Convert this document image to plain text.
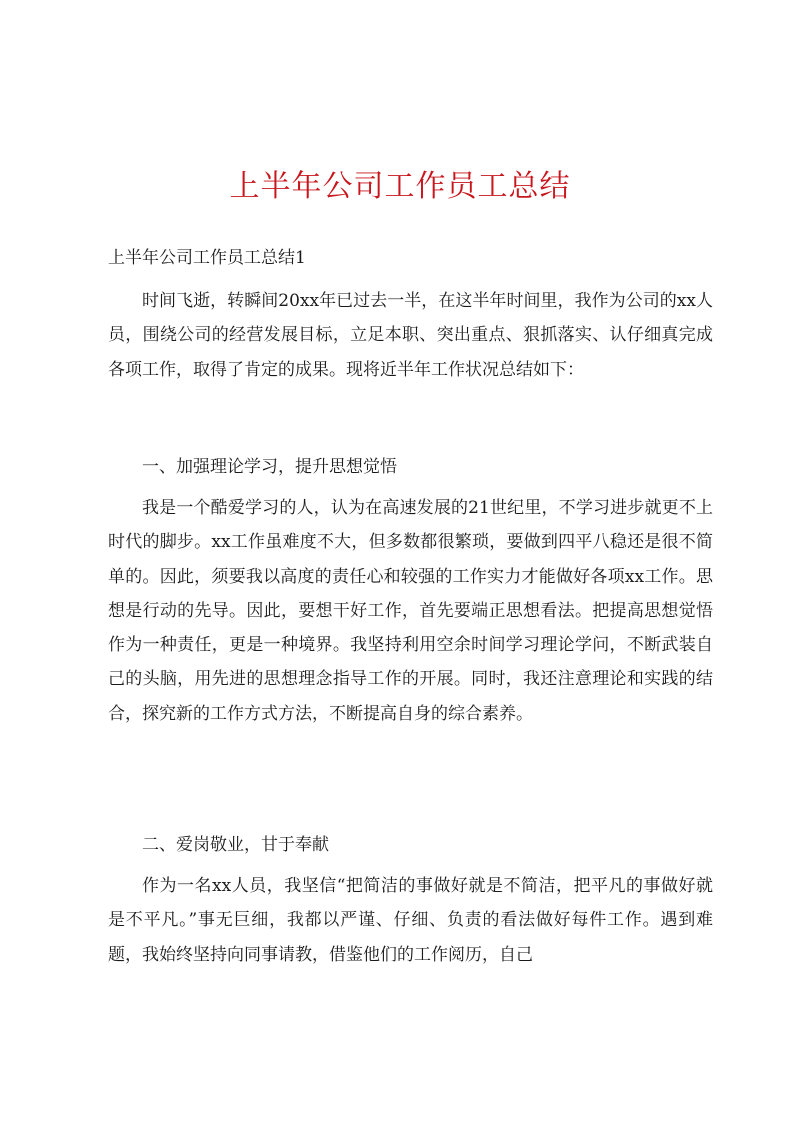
上半年公司工作员工总结

上半年公司工作员工总结1

时间飞逝，转瞬间20xx年已过去一半，在这半年时间里，我作为公司的xx人员，围绕公司的经营发展目标，立足本职、突出重点、狠抓落实、认仔细真完成各项工作，取得了肯定的成果。现将近半年工作状况总结如下：

一、加强理论学习，提升思想觉悟

我是一个酷爱学习的人，认为在高速发展的21世纪里，不学习进步就更不上时代的脚步。xx工作虽难度不大，但多数都很繁琐，要做到四平八稳还是很不简单的。因此，须要我以高度的责任心和较强的工作实力才能做好各项xx工作。思想是行动的先导。因此，要想干好工作，首先要端正思想看法。把提高思想觉悟作为一种责任，更是一种境界。我坚持利用空余时间学习理论学问，不断武装自己的头脑，用先进的思想理念指导工作的开展。同时，我还注意理论和实践的结合，探究新的工作方式方法，不断提高自身的综合素养。

二、爱岗敬业，甘于奉献

作为一名xx人员，我坚信“把简洁的事做好就是不简洁，把平凡的事做好就是不平凡。”事无巨细，我都以严谨、仔细、负责的看法做好每件工作。遇到难题，我始终坚持向同事请教，借鉴他们的工作阅历，自己
